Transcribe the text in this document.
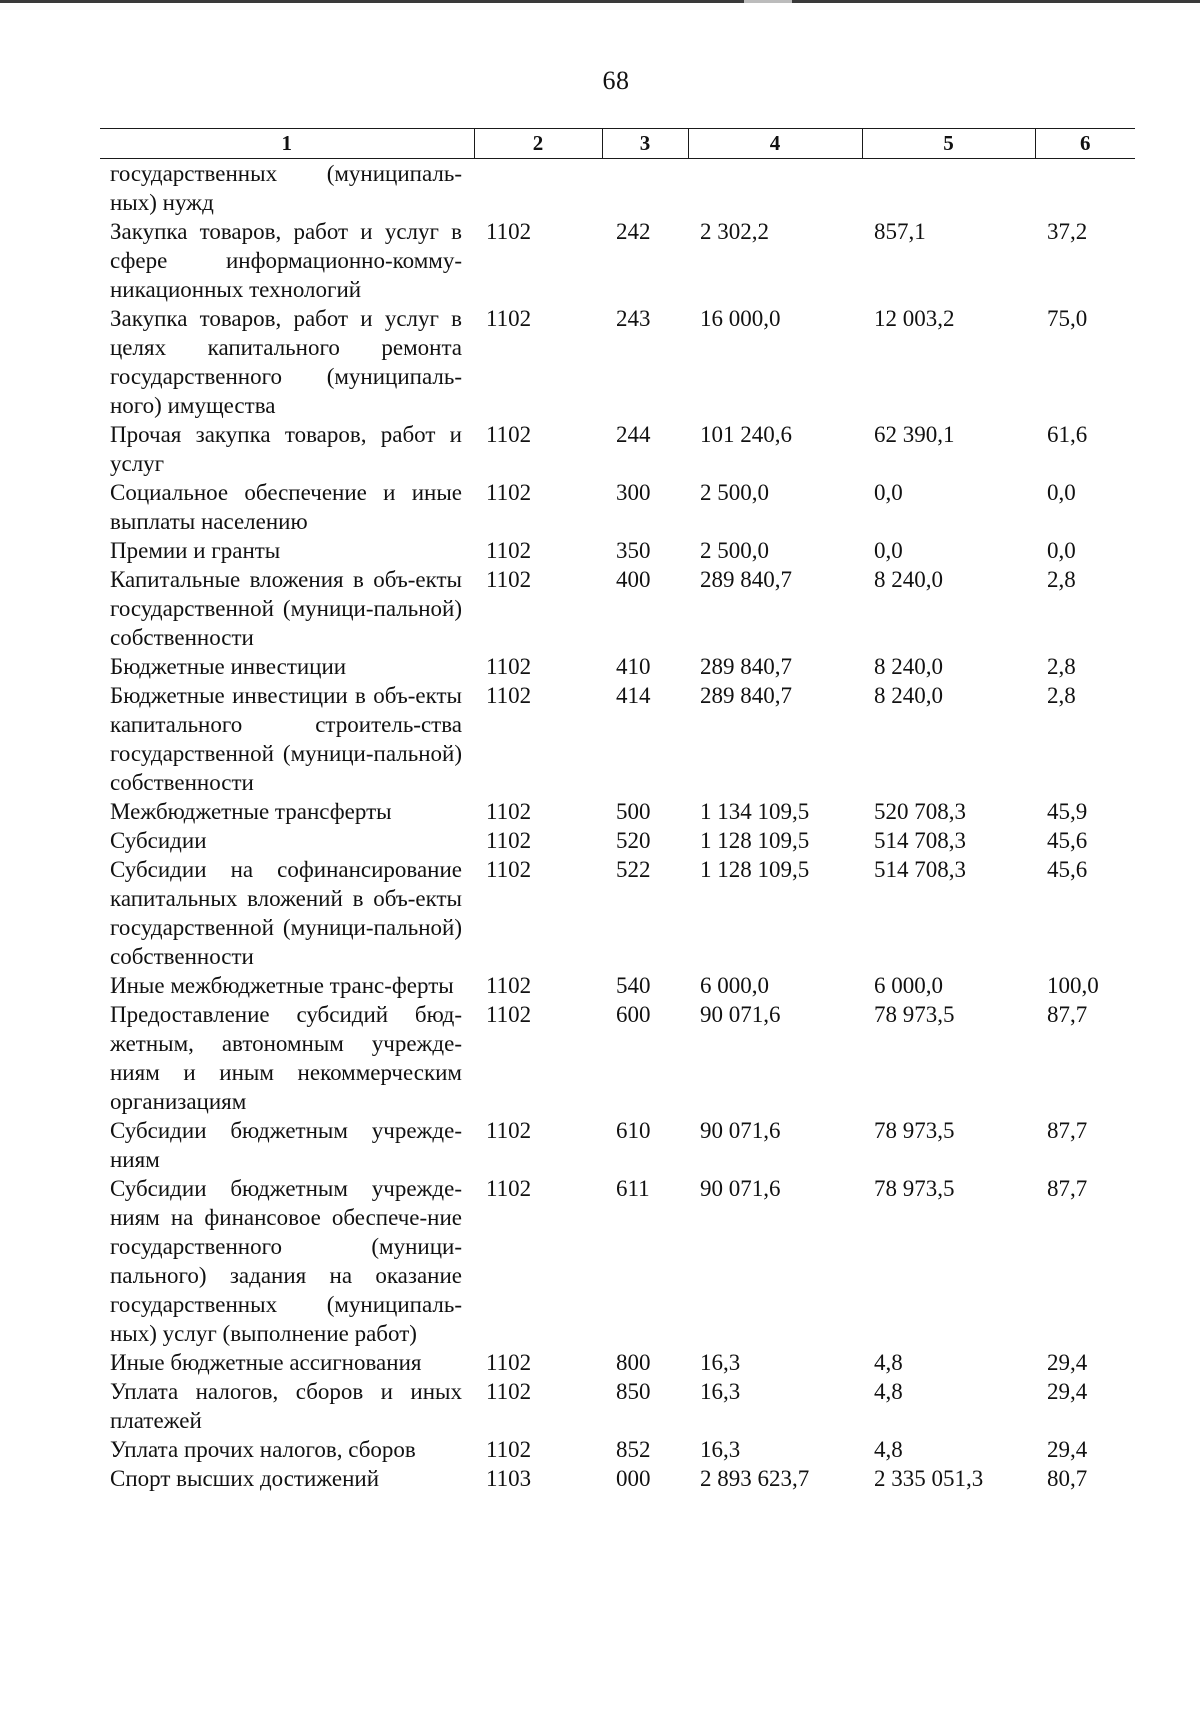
68
1	2	3	4	5	6
государственных (муниципаль-ных) нужд					
Закупка товаров, работ и услуг в сфере информационно-комму-никационных технологий	1102	242	2 302,2	857,1	37,2
Закупка товаров, работ и услуг в целях капитального ремонта государственного (муниципаль-ного) имущества	1102	243	16 000,0	12 003,2	75,0
Прочая закупка товаров, работ и услуг	1102	244	101 240,6	62 390,1	61,6
Социальное обеспечение и иные выплаты населению	1102	300	2 500,0	0,0	0,0
Премии и гранты	1102	350	2 500,0	0,0	0,0
Капитальные вложения в объ-екты государственной (муници-пальной) собственности	1102	400	289 840,7	8 240,0	2,8
Бюджетные инвестиции	1102	410	289 840,7	8 240,0	2,8
Бюджетные инвестиции в объ-екты капитального строитель-ства государственной (муници-пальной) собственности	1102	414	289 840,7	8 240,0	2,8
Межбюджетные трансферты	1102	500	1 134 109,5	520 708,3	45,9
Субсидии	1102	520	1 128 109,5	514 708,3	45,6
Субсидии на софинансирование капитальных вложений в объ-екты государственной (муници-пальной) собственности	1102	522	1 128 109,5	514 708,3	45,6
Иные межбюджетные транс-ферты	1102	540	6 000,0	6 000,0	100,0
Предоставление субсидий бюд-жетным, автономным учрежде-ниям и иным некоммерческим организациям	1102	600	90 071,6	78 973,5	87,7
Субсидии бюджетным учрежде-ниям	1102	610	90 071,6	78 973,5	87,7
Субсидии бюджетным учрежде-ниям на финансовое обеспече-ние государственного (муници-пального) задания на оказание государственных (муниципаль-ных) услуг (выполнение работ)	1102	611	90 071,6	78 973,5	87,7
Иные бюджетные ассигнования	1102	800	16,3	4,8	29,4
Уплата налогов, сборов и иных платежей	1102	850	16,3	4,8	29,4
Уплата прочих налогов, сборов	1102	852	16,3	4,8	29,4
Спорт высших достижений	1103	000	2 893 623,7	2 335 051,3	80,7
